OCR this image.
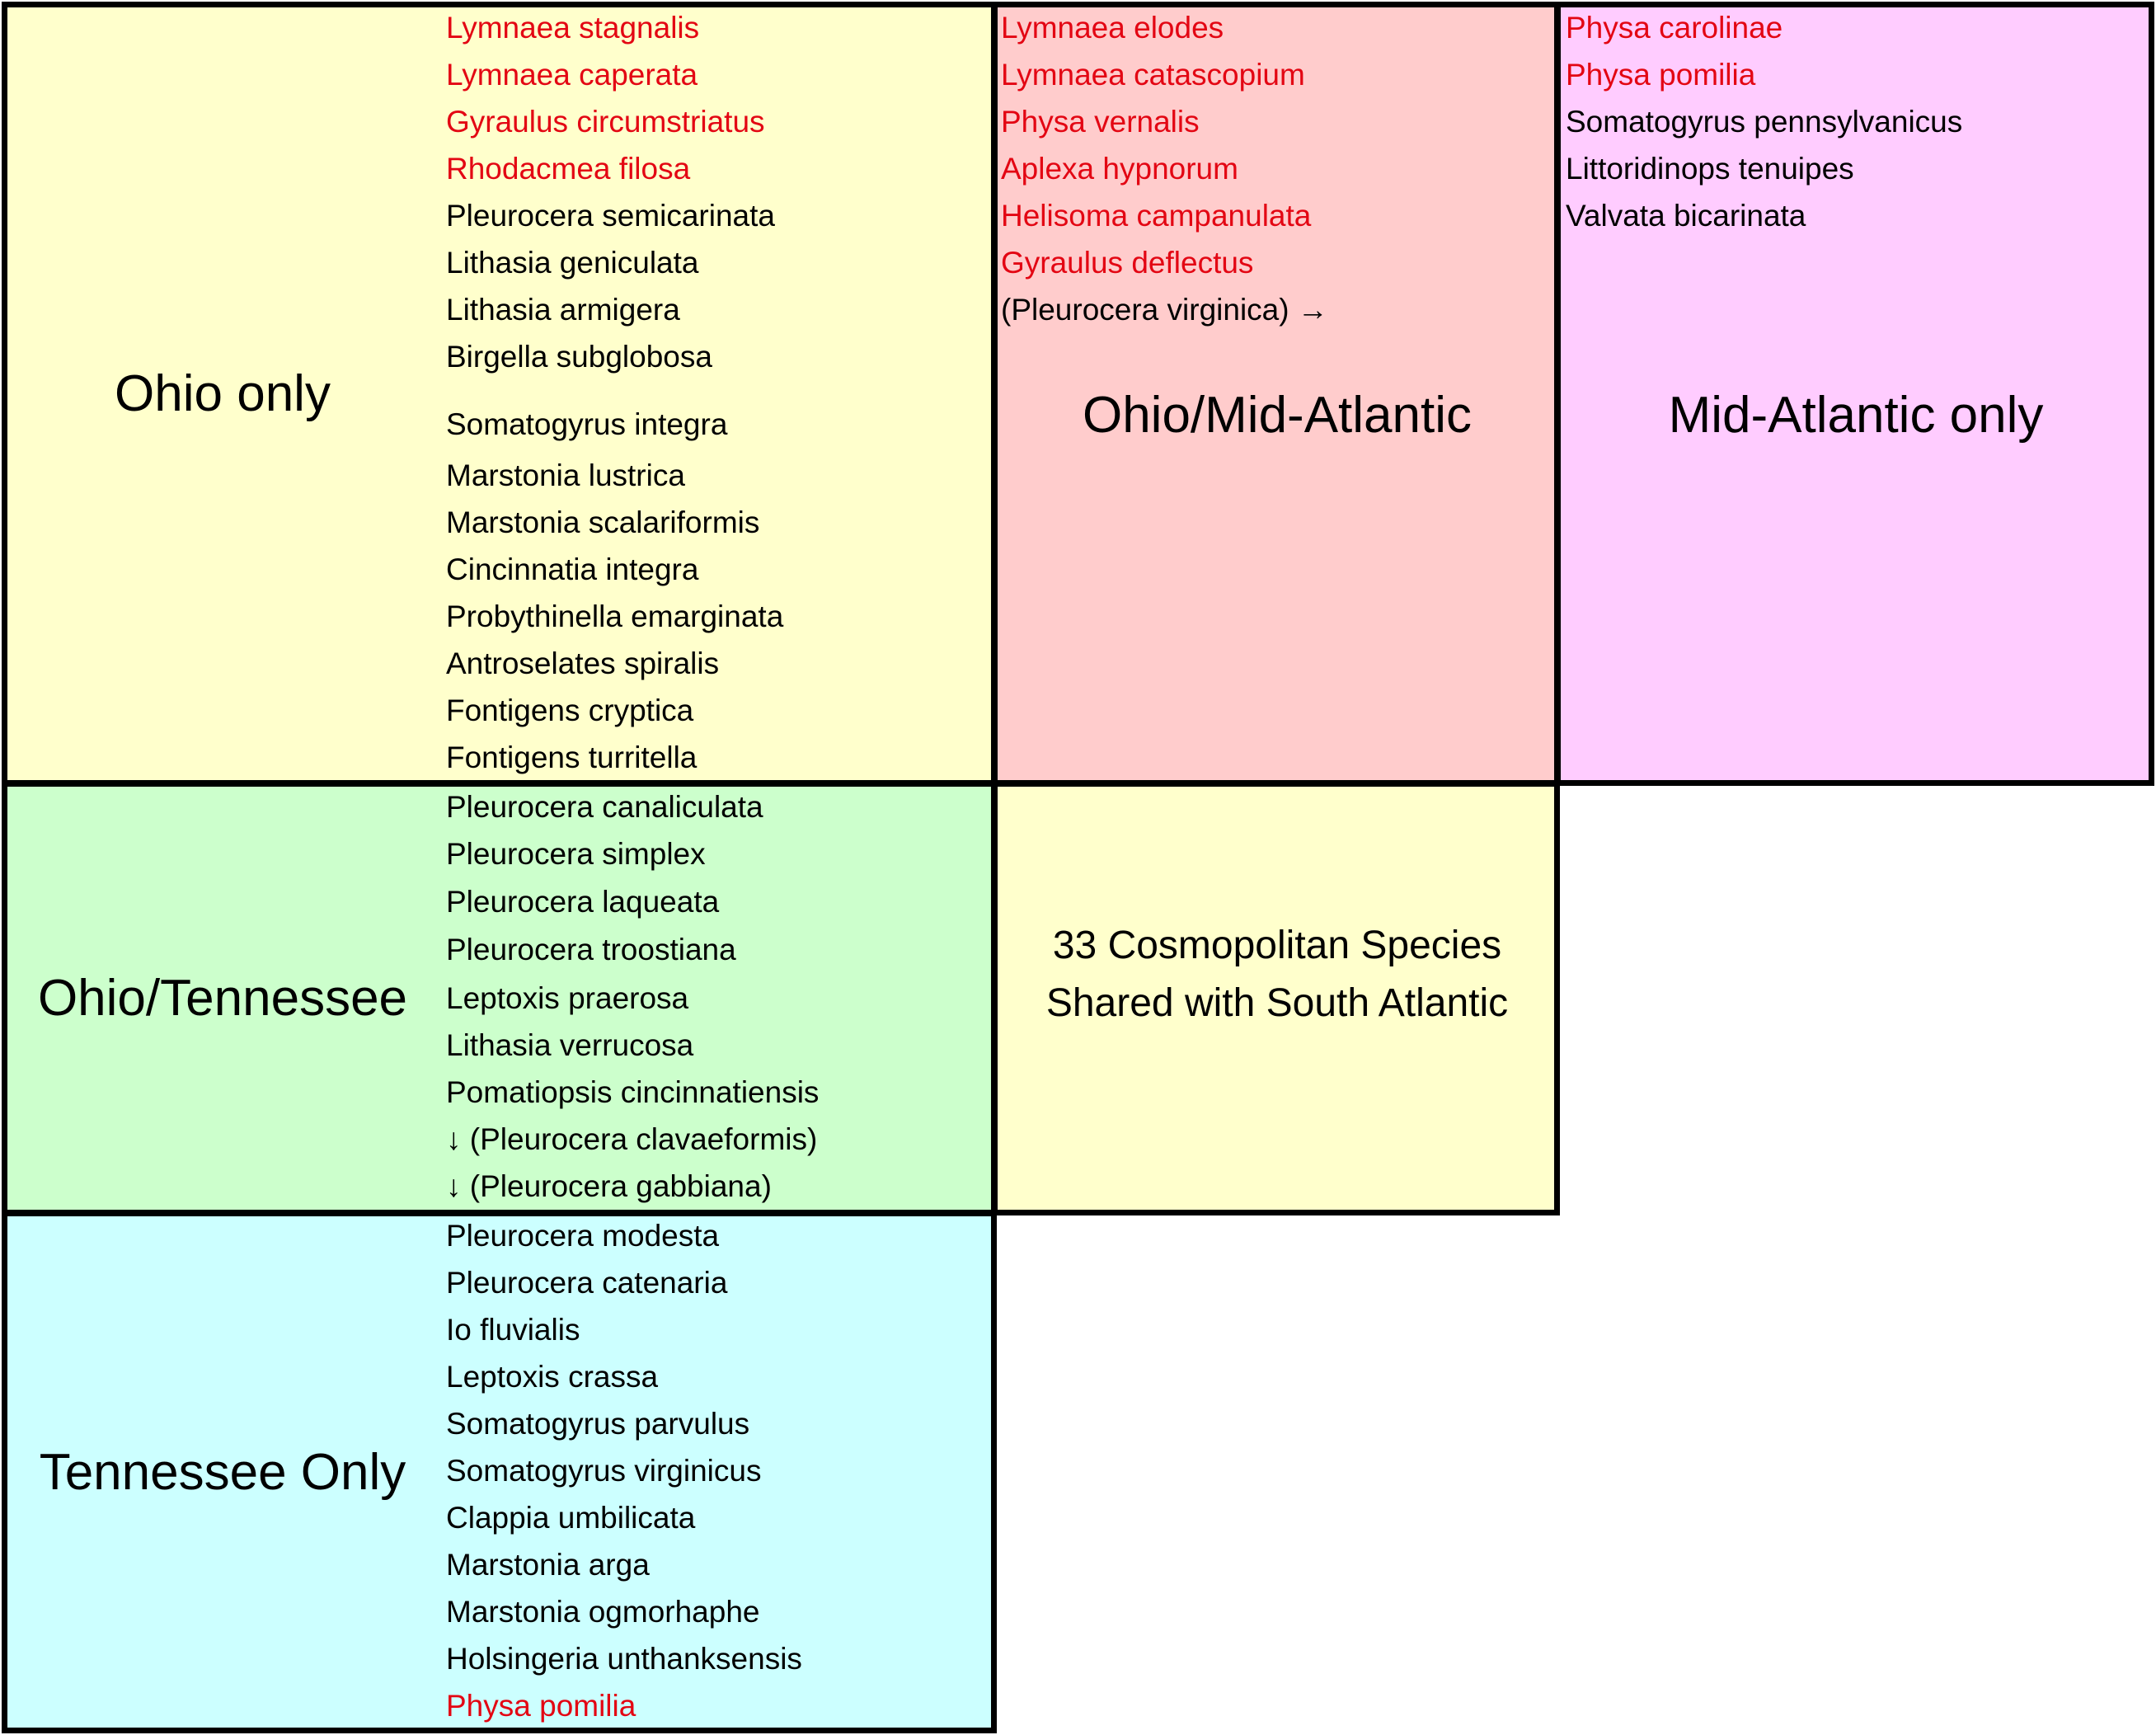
Ohio only
Lymnaea stagnalis
Lymnaea caperata
Gyraulus circumstriatus
Rhodacmea filosa
Pleurocera semicarinata
Lithasia geniculata
Lithasia armigera
Birgella subglobosa
Somatogyrus integra
Marstonia lustrica
Marstonia scalariformis
Cincinnatia integra
Probythinella emarginata
Antroselates spiralis
Fontigens cryptica
Fontigens turritella
Ohio/Mid-Atlantic
Lymnaea elodes
Lymnaea catascopium
Physa vernalis
Aplexa hypnorum
Helisoma campanulata
Gyraulus deflectus
(Pleurocera virginica) →
Mid-Atlantic only
Physa carolinae
Physa pomilia
Somatogyrus pennsylvanicus
Littoridinops tenuipes
Valvata bicarinata
Ohio/Tennessee
Pleurocera canaliculata
Pleurocera simplex
Pleurocera laqueata
Pleurocera troostiana
Leptoxis praerosa
Lithasia verrucosa
Pomatiopsis cincinnatiensis
↓ (Pleurocera clavaeformis)
↓ (Pleurocera gabbiana)
33 Cosmopolitan Species
Shared with South Atlantic
Tennessee Only
Pleurocera modesta
Pleurocera catenaria
Io fluvialis
Leptoxis crassa
Somatogyrus parvulus
Somatogyrus virginicus
Clappia umbilicata
Marstonia arga
Marstonia ogmorhaphe
Holsingeria unthanksensis
Physa pomilia
